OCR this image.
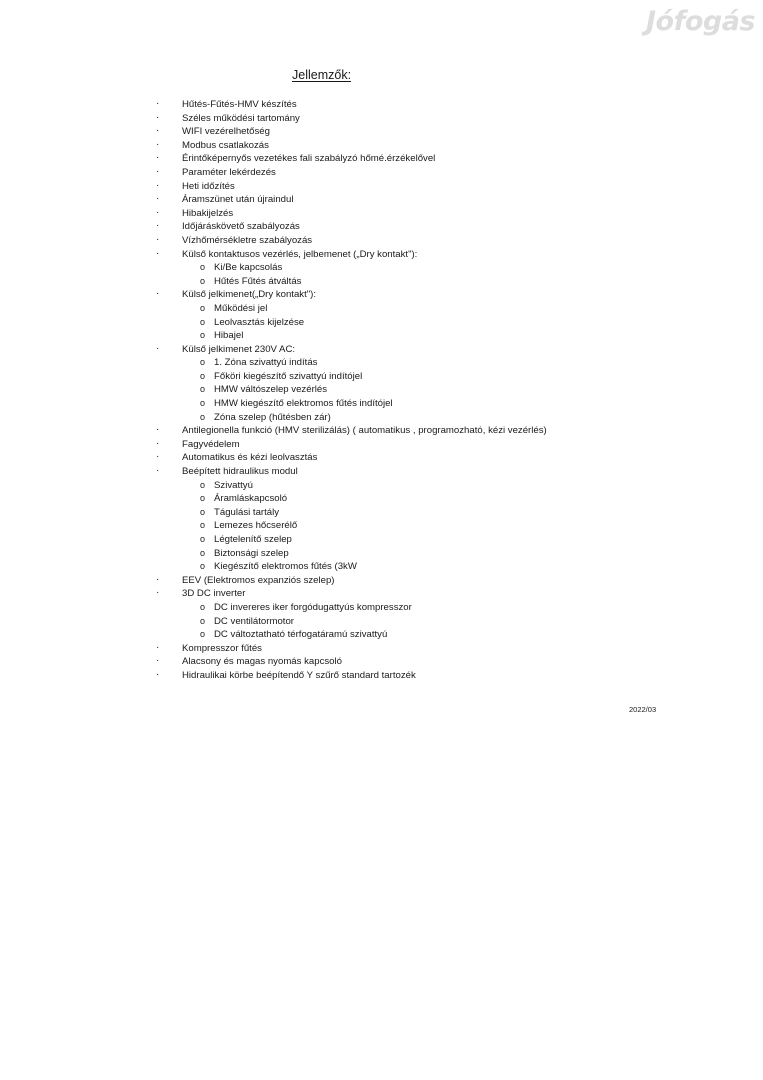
Jófogás
Jellemzők:
· Hűtés-Fűtés-HMV készítés
· Széles működési tartomány
· WIFI vezérelhetőség
· Modbus csatlakozás
· Érintőképernyős vezetékes fali szabályzó hőmé.érzékelővel
· Paraméter lekérdezés
· Heti időzítés
· Áramszünet után újraindul
· Hibakijelzés
· Időjáráskövető szabályozás
· Vízhőmérsékletre szabályozás
· Külső kontaktusos vezérlés, jelbemenet („Dry kontakt"):
o Ki/Be kapcsolás
o Hűtés Fűtés átváltás
· Külső jelkimenet(„Dry kontakt"):
o Működési jel
o Leolvasztás kijelzése
o Hibajel
· Külső jelkimenet 230V AC:
o 1. Zóna szivattyú indítás
o Főköri kiegészítő szivattyú indítójel
o HMW váltószelep vezérlés
o HMW kiegészítő elektromos fűtés indítójel
o Zóna szelep (hűtésben zár)
· Antilegionella funkció (HMV sterilizálás) ( automatikus , programozható, kézi vezérlés)
· Fagyvédelem
· Automatikus és kézi leolvasztás
· Beépített hidraulikus modul
o Szivattyú
o Áramláskapcsoló
o Tágulási tartály
o Lemezes hőcserélő
o Légtelenítő szelep
o Biztonsági szelep
o Kiegészítő elektromos fűtés (3kW
· EEV (Elektromos expanziós szelep)
· 3D DC inverter
o DC invereres iker forgódugattyús kompresszor
o DC ventilátormotor
o DC változtatható térfogatáramú szivattyú
· Kompresszor fűtés
· Alacsony és magas nyomás kapcsoló
· Hidraulikai körbe beépítendő Y szűrő standard tartozék
2022/03
